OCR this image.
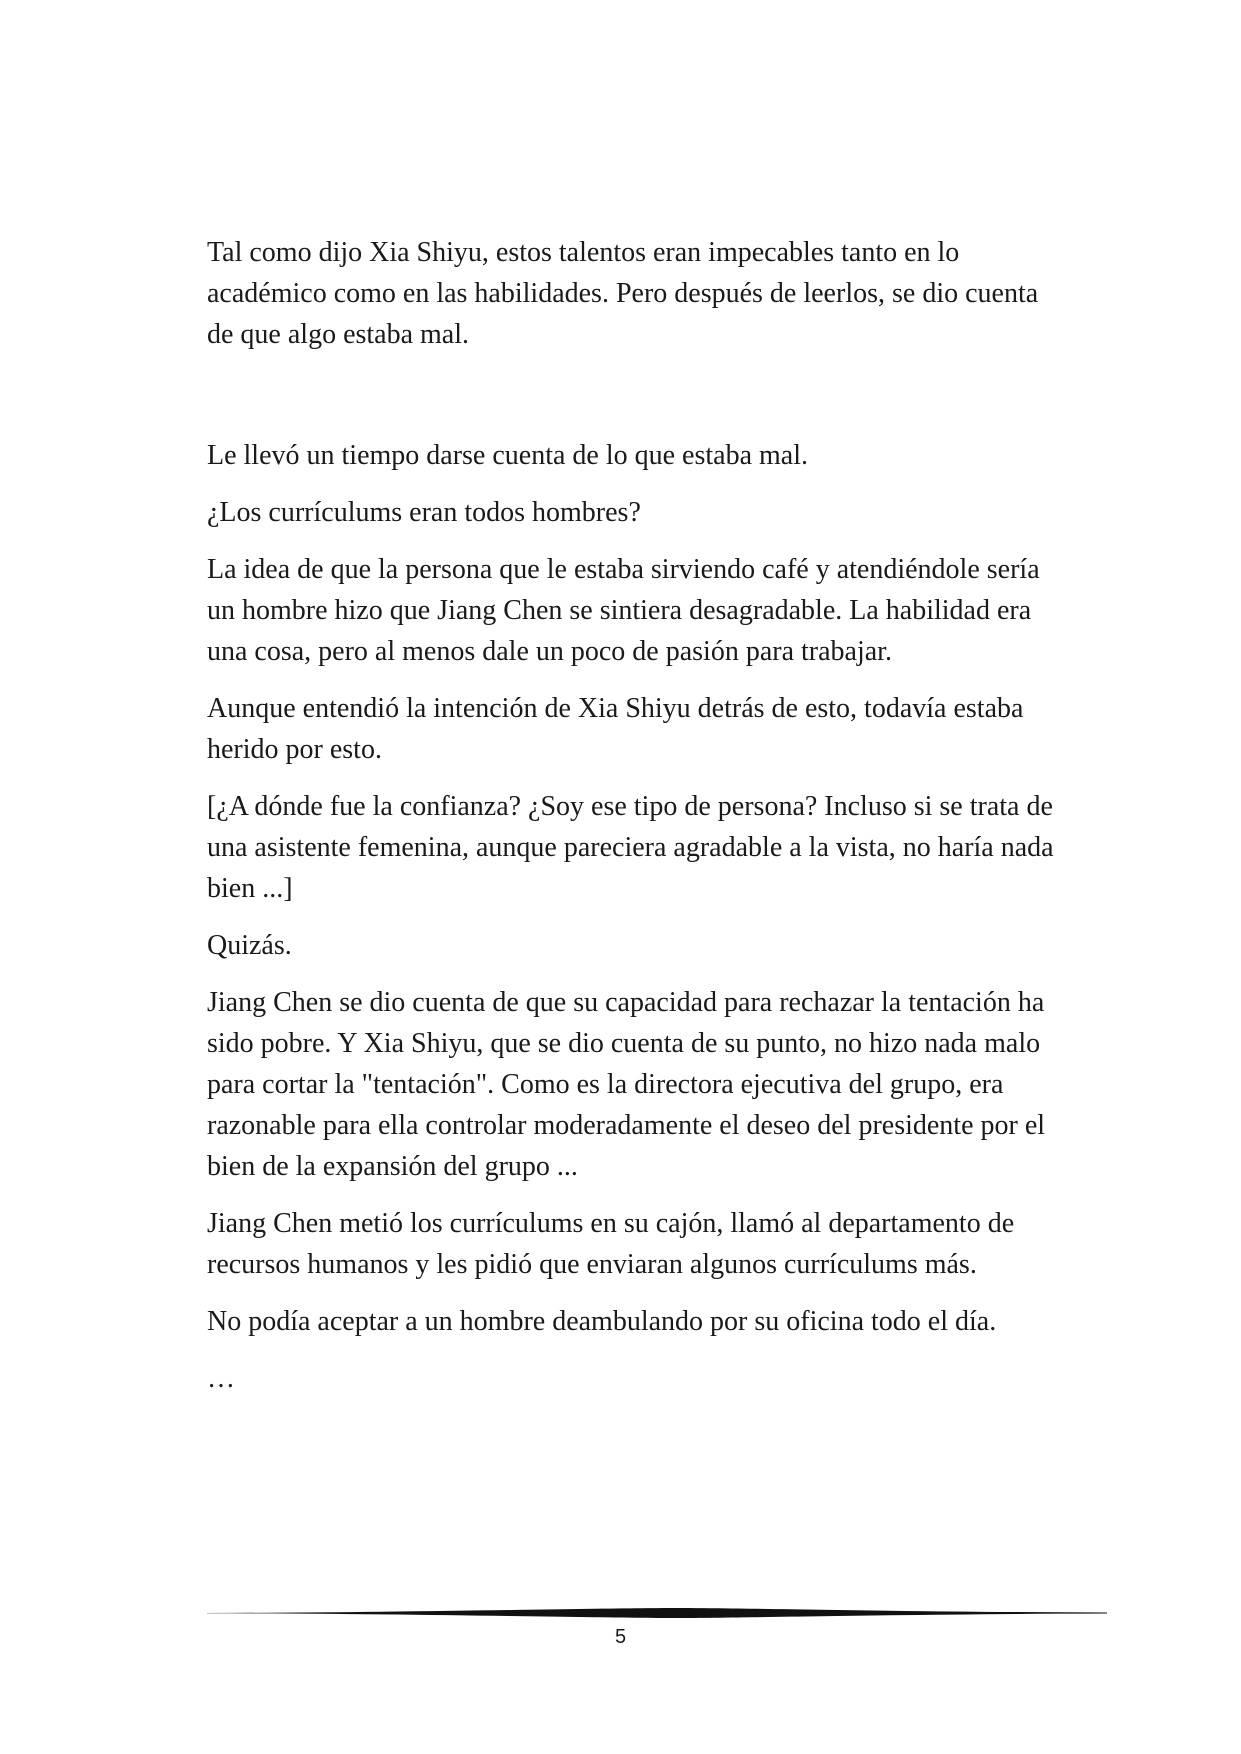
Tal como dijo Xia Shiyu, estos talentos eran impecables tanto en lo académico como en las habilidades. Pero después de leerlos, se dio cuenta de que algo estaba mal.

Le llevó un tiempo darse cuenta de lo que estaba mal.

¿Los currículums eran todos hombres?

La idea de que la persona que le estaba sirviendo café y atendiéndole sería un hombre hizo que Jiang Chen se sintiera desagradable. La habilidad era una cosa, pero al menos dale un poco de pasión para trabajar.

Aunque entendió la intención de Xia Shiyu detrás de esto, todavía estaba herido por esto.

[¿A dónde fue la confianza? ¿Soy ese tipo de persona? Incluso si se trata de una asistente femenina, aunque pareciera agradable a la vista, no haría nada bien ...]

Quizás.

Jiang Chen se dio cuenta de que su capacidad para rechazar la tentación ha sido pobre. Y Xia Shiyu, que se dio cuenta de su punto, no hizo nada malo para cortar la "tentación". Como es la directora ejecutiva del grupo, era razonable para ella controlar moderadamente el deseo del presidente por el bien de la expansión del grupo ...

Jiang Chen metió los currículums en su cajón, llamó al departamento de recursos humanos y les pidió que enviaran algunos currículums más.

No podía aceptar a un hombre deambulando por su oficina todo el día.

…

5
